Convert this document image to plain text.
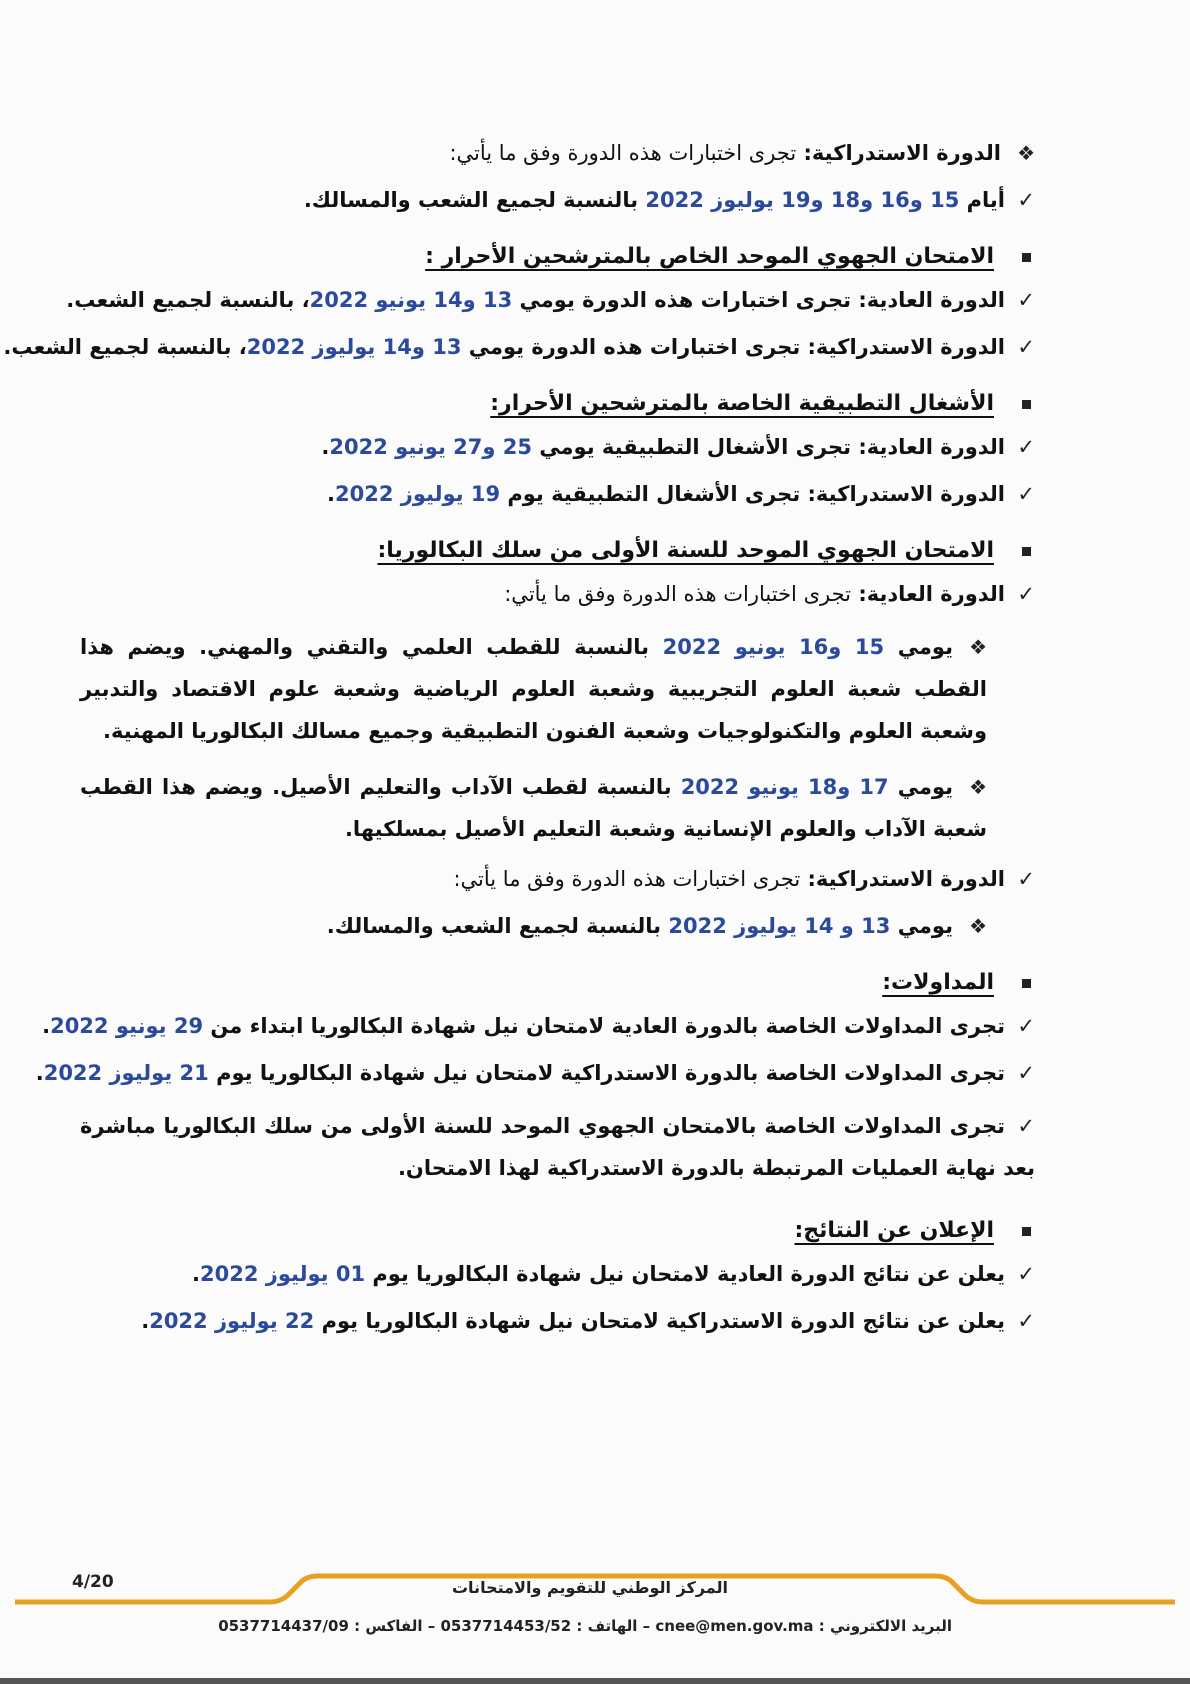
❖الدورة الاستدراكية: تجرى اختبارات هذه الدورة وفق ما يأتي:
✓أيام 15 و16 و18 و19 يوليوز 2022 بالنسبة لجميع الشعب والمسالك.
الامتحان الجهوي الموحد الخاص بالمترشحين الأحرار :
✓الدورة العادية: تجرى اختبارات هذه الدورة يومي 13 و14 يونيو 2022، بالنسبة لجميع الشعب.
✓الدورة الاستدراكية: تجرى اختبارات هذه الدورة يومي 13 و14 يوليوز 2022، بالنسبة لجميع الشعب.
الأشغال التطبيقية الخاصة بالمترشحين الأحرار:
✓الدورة العادية: تجرى الأشغال التطبيقية يومي 25 و27 يونيو 2022.
✓الدورة الاستدراكية: تجرى الأشغال التطبيقية يوم 19 يوليوز 2022.
الامتحان الجهوي الموحد للسنة الأولى من سلك البكالوريا:
✓الدورة العادية: تجرى اختبارات هذه الدورة وفق ما يأتي:
❖يومي 15 و16 يونيو 2022 بالنسبة للقطب العلمي والتقني والمهني. ويضم هذا القطب شعبة العلوم التجريبية وشعبة العلوم الرياضية وشعبة علوم الاقتصاد والتدبير وشعبة العلوم والتكنولوجيات وشعبة الفنون التطبيقية وجميع مسالك البكالوريا المهنية.
❖يومي 17 و18 يونيو 2022 بالنسبة لقطب الآداب والتعليم الأصيل. ويضم هذا القطب شعبة الآداب والعلوم الإنسانية وشعبة التعليم الأصيل بمسلكيها.
✓الدورة الاستدراكية: تجرى اختبارات هذه الدورة وفق ما يأتي:
❖يومي 13 و 14 يوليوز 2022 بالنسبة لجميع الشعب والمسالك.
المداولات:
✓تجرى المداولات الخاصة بالدورة العادية لامتحان نيل شهادة البكالوريا ابتداء من 29 يونيو 2022.
✓تجرى المداولات الخاصة بالدورة الاستدراكية لامتحان نيل شهادة البكالوريا يوم 21 يوليوز 2022.
✓تجرى المداولات الخاصة بالامتحان الجهوي الموحد للسنة الأولى من سلك البكالوريا مباشرة بعد نهاية العمليات المرتبطة بالدورة الاستدراكية لهذا الامتحان.
الإعلان عن النتائج:
✓يعلن عن نتائج الدورة العادية لامتحان نيل شهادة البكالوريا يوم 01 يوليوز 2022.
✓يعلن عن نتائج الدورة الاستدراكية لامتحان نيل شهادة البكالوريا يوم 22 يوليوز 2022.
4/20	المركز الوطني للتقويم والامتحانات
البريد الالكتروني : cnee@men.gov.ma – الهاتف : 0537714453/52 – الفاكس : 0537714437/09
